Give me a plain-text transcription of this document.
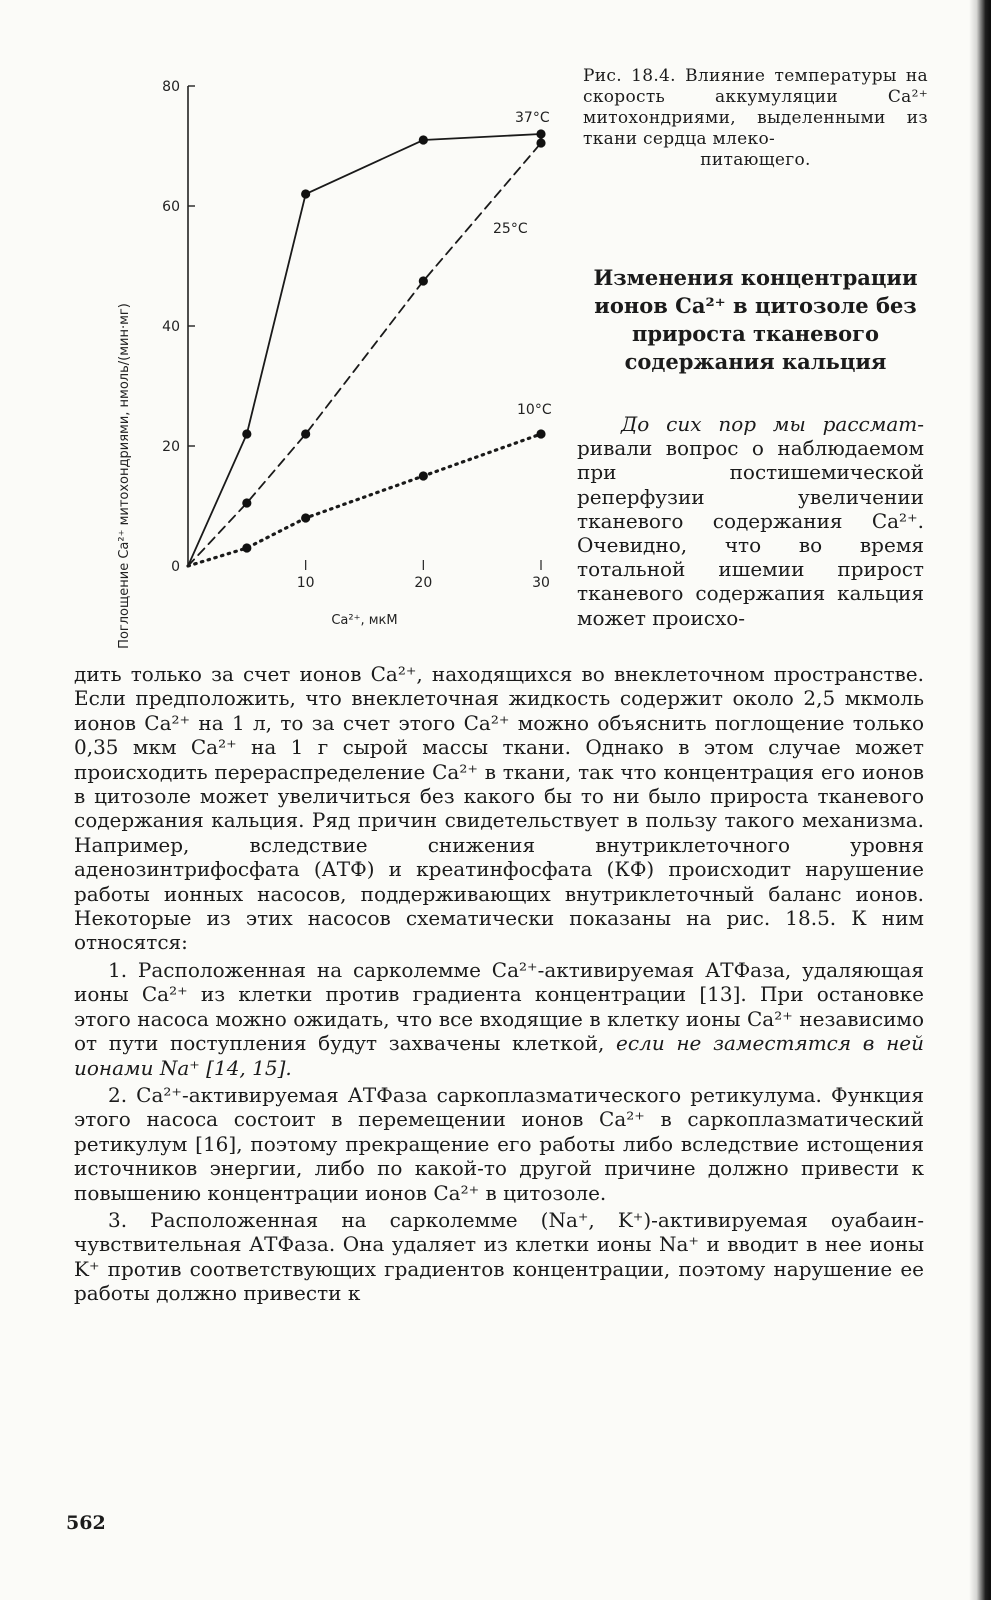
0
20
40
60
80
10	20	30
Ca²⁺, мкМ
Поглощение Ca²⁺ митохондриями, нмоль/(мин·мг)
37°C
25°C
10°C
Рис. 18.4. Влияние температуры на скорость аккумуляции Ca²⁺ митохондриями, выделенными из ткани сердца млеко-
питающего.
Изменения концентрации ионов Ca²⁺ в цитозоле без прироста тканевого содержания кальция

До сих пор мы рассмат-ривали вопрос о наблюдаемом при постишемической реперфузии увеличении тканевого содержания Ca²⁺. Очевидно, что во время тотальной ишемии прирост тканевого содержапия кальция может происхо-

дить только за счет ионов Ca²⁺, находящихся во внеклеточном пространстве. Если предположить, что внеклеточная жидкость содержит около 2,5 мкмоль ионов Ca²⁺ на 1 л, то за счет этого Ca²⁺ можно объяснить поглощение только 0,35 мкм Ca²⁺ на 1 г сырой массы ткани. Однако в этом случае может происходить перераспределение Ca²⁺ в ткани, так что концентрация его ионов в цитозоле может увеличиться без какого бы то ни было прироста тканевого содержания кальция. Ряд причин свидетельствует в пользу такого механизма. Например, вследствие снижения внутриклеточного уровня аденозинтрифосфата (АТФ) и креатинфосфата (КФ) происходит нарушение работы ионных насосов, поддерживающих внутриклеточный баланс ионов. Некоторые из этих насосов схематически показаны на рис. 18.5. К ним относятся:

1. Расположенная на сарколемме Ca²⁺-активируемая АТФаза, удаляющая ионы Ca²⁺ из клетки против градиента концентрации [13]. При остановке этого насоса можно ожидать, что все входящие в клетку ионы Ca²⁺ независимо от пути поступления будут захвачены клеткой, если не заместятся в ней ионами Na⁺ [14, 15].

2. Ca²⁺-активируемая АТФаза саркоплазматического ретикулума. Функция этого насоса состоит в перемещении ионов Ca²⁺ в саркоплазматический ретикулум [16], поэтому прекращение его работы либо вследствие истощения источников энергии, либо по какой-то другой причине должно привести к повышению концентрации ионов Ca²⁺ в цитозоле.

3. Расположенная на сарколемме (Na⁺, K⁺)-активируемая оуабаин-чувствительная АТФаза. Она удаляет из клетки ионы Na⁺ и вводит в нее ионы K⁺ против соответствующих градиентов концентрации, поэтому нарушение ее работы должно привести к

562
